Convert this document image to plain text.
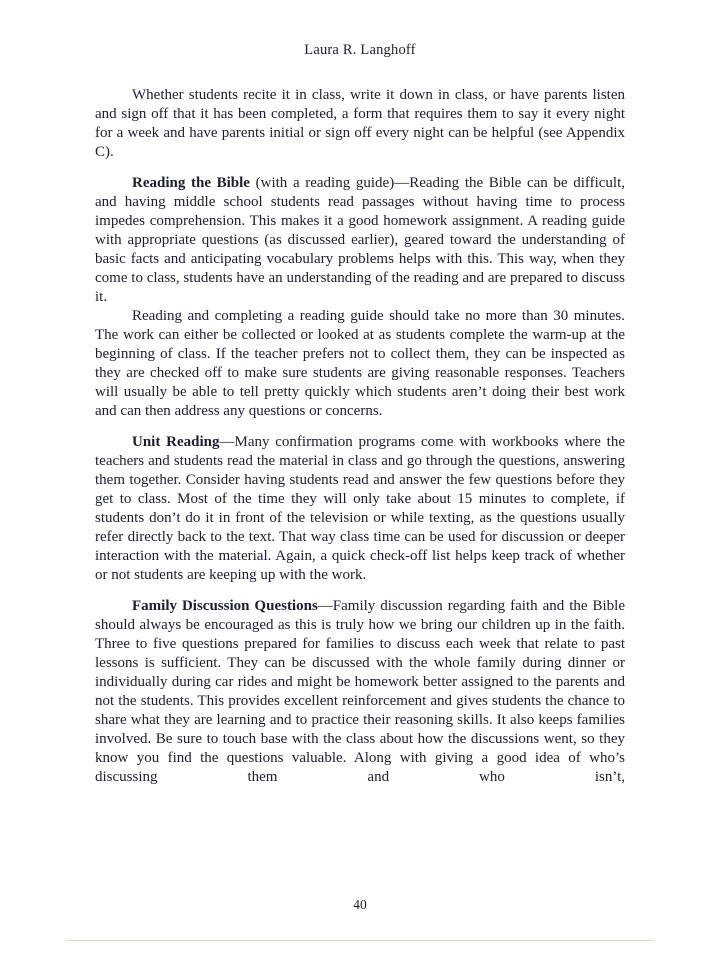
Laura R. Langhoff

Whether students recite it in class, write it down in class, or have parents listen and sign off that it has been completed, a form that requires them to say it every night for a week and have parents initial or sign off every night can be helpful (see Appendix C).

Reading the Bible (with a reading guide)—Reading the Bible can be difficult, and having middle school students read passages without having time to process impedes comprehension. This makes it a good homework assignment. A reading guide with appropriate questions (as discussed earlier), geared toward the understanding of basic facts and anticipating vocabulary problems helps with this. This way, when they come to class, students have an understanding of the reading and are prepared to discuss it.

Reading and completing a reading guide should take no more than 30 minutes. The work can either be collected or looked at as students complete the warm-up at the beginning of class. If the teacher prefers not to collect them, they can be inspected as they are checked off to make sure students are giving reasonable responses. Teachers will usually be able to tell pretty quickly which students aren’t doing their best work and can then address any questions or concerns.

Unit Reading—Many confirmation programs come with workbooks where the teachers and students read the material in class and go through the questions, answering them together. Consider having students read and answer the few questions before they get to class. Most of the time they will only take about 15 minutes to complete, if students don’t do it in front of the television or while texting, as the questions usually refer directly back to the text. That way class time can be used for discussion or deeper interaction with the material. Again, a quick check-off list helps keep track of whether or not students are keeping up with the work.

Family Discussion Questions—Family discussion regarding faith and the Bible should always be encouraged as this is truly how we bring our children up in the faith. Three to five questions prepared for families to discuss each week that relate to past lessons is sufficient. They can be discussed with the whole family during dinner or individually during car rides and might be homework better assigned to the parents and not the students. This provides excellent reinforcement and gives students the chance to share what they are learning and to practice their reasoning skills. It also keeps families involved. Be sure to touch base with the class about how the discussions went, so they know you find the questions valuable. Along with giving a good idea of who’s discussing them and who isn’t,

40
